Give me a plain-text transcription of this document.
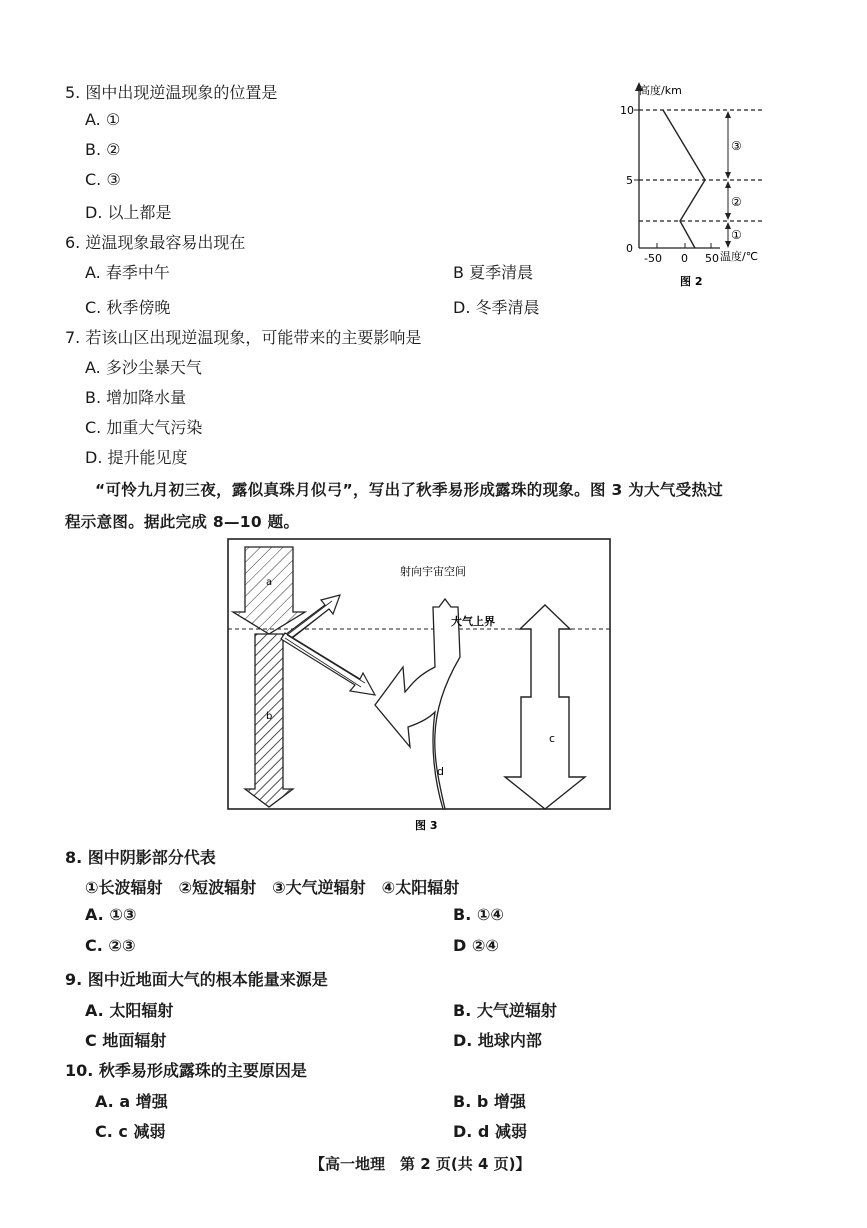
5. 图中出现逆温现象的位置是
A. ①
B. ②
C. ③
D. 以上都是
高度/km
温度/℃
10
5
0
-50 0 50
③
②
①
图 2
6. 逆温现象最容易出现在
A. 春季中午	B 夏季清晨
C. 秋季傍晚	D. 冬季清晨
7. 若该山区出现逆温现象，可能带来的主要影响是
A. 多沙尘暴天气
B. 增加降水量
C. 加重大气污染
D. 提升能见度
“可怜九月初三夜，露似真珠月似弓”，写出了秋季易形成露珠的现象。图 3 为大气受热过
程示意图。据此完成 8—10 题。
a
b
c
d
射向宇宙空间
大气上界
图 3
8. 图中阴影部分代表
①长波辐射　②短波辐射　③大气逆辐射　④太阳辐射
A. ①③	B. ①④
C. ②③	D ②④
9. 图中近地面大气的根本能量来源是
A. 太阳辐射	B. 大气逆辐射
C 地面辐射	D. 地球内部
10. 秋季易形成露珠的主要原因是
A. a 增强	B. b 增强
C. c 减弱	D. d 减弱
【高一地理　第 2 页(共 4 页)】
